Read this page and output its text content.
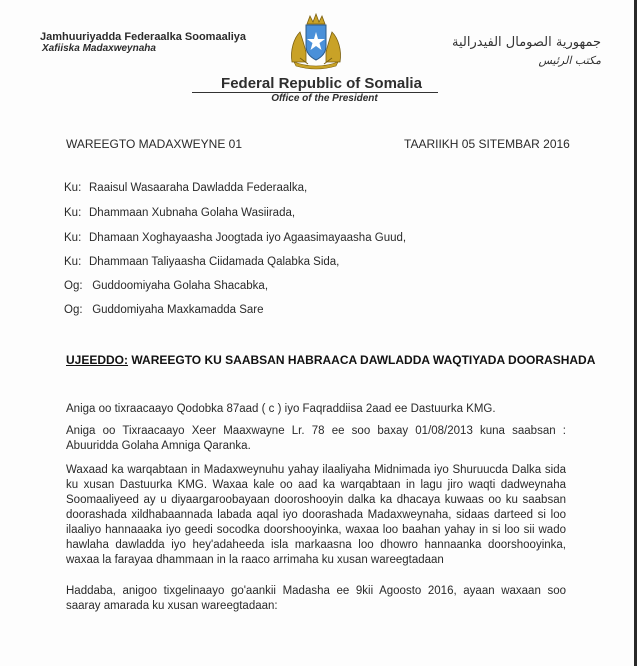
Jamhuuriyadda Federaalka Soomaaliya
Xafiiska Madaxweynaha	جمهورية الصومال الفيدرالية
مكتب الرئيس
Federal Republic of Somalia
Office of the President
WAREEGTO MADAXWEYNE 01	TAARIIKH 05 SITEMBAR 2016
Ku: Raaisul Wasaaraha Dawladda Federaalka,
Ku: Dhammaan Xubnaha Golaha Wasiirada,
Ku: Dhamaan Xoghayaasha Joogtada iyo Agaasimayaasha Guud,
Ku: Dhammaan Taliyaasha Ciidamada Qalabka Sida,
Og: Guddoomiyaha Golaha Shacabka,
Og: Guddomiyaha Maxkamadda Sare
UJEEDDO: WAREEGTO KU SAABSAN HABRAACA DAWLADDA WAQTIYADA DOORASHADA
Aniga oo tixraacaayo Qodobka 87aad ( c ) iyo Faqraddiisa 2aad ee Dastuurka KMG.
Aniga oo Tixraacaayo Xeer Maaxwayne Lr. 78 ee soo baxay 01/08/2013 kuna saabsan : Abuuridda Golaha Amniga Qaranka.
Waxaad ka warqabtaan in Madaxweynuhu yahay ilaaliyaha Midnimada iyo Shuruucda Dalka sida ku xusan Dastuurka KMG. Waxaa kale oo aad ka warqabtaan in lagu jiro waqti dadweynaha Soomaaliyeed ay u diyaargaroobayaan dooroshooyin dalka ka dhacaya kuwaas oo ku saabsan doorashada xildhabaannada labada aqal iyo doorashada Madaxweynaha, sidaas darteed si loo ilaaliyo hannaaaka iyo geedi socodka doorshooyinka, waxaa loo baahan yahay in si loo sii wado hawlaha dawladda iyo hey'adaheeda isla markaasna loo dhowro hannaanka doorshooyinka, waxaa la farayaa dhammaan in la raaco arrimaha ku xusan wareegtadaan
Haddaba, anigoo tixgelinaayo go'aankii Madasha ee 9kii Agoosto 2016, ayaan waxaan soo saaray amarada ku xusan wareegtadaan:
